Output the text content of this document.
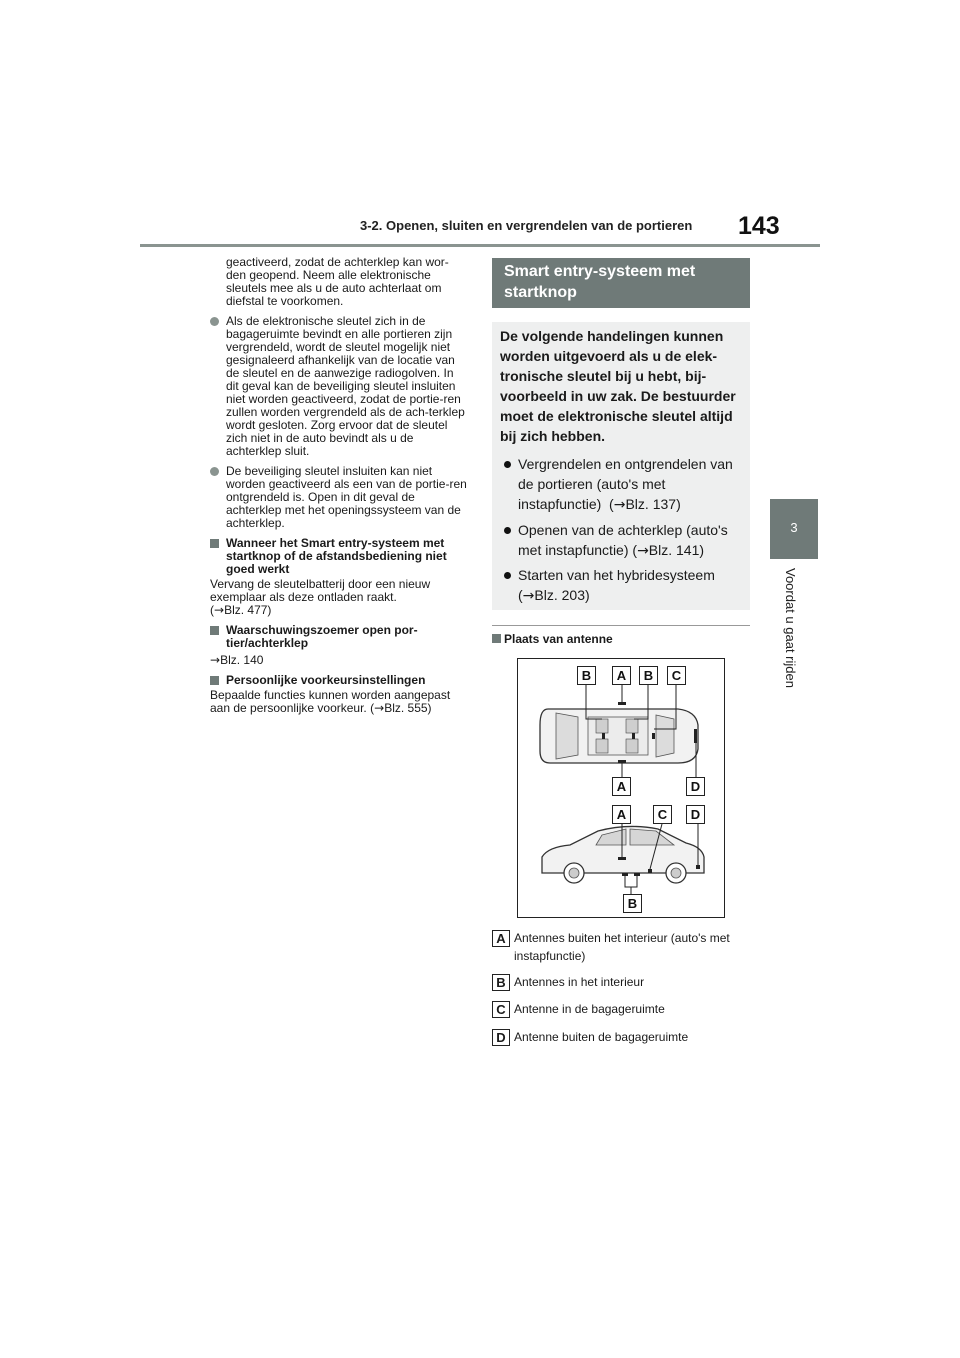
3-2. Openen, sluiten en vergrendelen van de portieren 143
3
Voordat u gaat rijden

geactiveerd, zodat de achterklep kan wor-den geopend. Neem alle elektronische sleutels mee als u de auto achterlaat om diefstal te voorkomen.

Als de elektronische sleutel zich in de bagageruimte bevindt en alle portieren zijn vergrendeld, wordt de sleutel mogelijk niet gesignaleerd afhankelijk van de locatie van de sleutel en de aanwezige radiogolven. In dit geval kan de beveiliging sleutel insluiten niet worden geactiveerd, zodat de portie-ren zullen worden vergrendeld als de ach-terklep wordt gesloten. Zorg ervoor dat de sleutel zich niet in de auto bevindt als u de achterklep sluit.

De beveiliging sleutel insluiten kan niet worden geactiveerd als een van de portie-ren ontgrendeld is. Open in dit geval de achterklep met het openingssysteem van de achterklep.

Wanneer het Smart entry-systeem met startknop of de afstandsbediening niet goed werkt

Vervang de sleutelbatterij door een nieuw exemplaar als deze ontladen raakt.
(→Blz. 477)

Waarschuwingszoemer open por-tier/achterklep

→Blz. 140

Persoonlijke voorkeursinstellingen

Bepaalde functies kunnen worden aangepast aan de persoonlijke voorkeur. (→Blz. 555)

Smart entry-systeem met startknop
De volgende handelingen kunnen worden uitgevoerd als u de elek-tronische sleutel bij u hebt, bij-voorbeeld in uw zak. De bestuurder moet de elektronische sleutel altijd bij zich hebben.
Vergrendelen en ontgrendelen van de portieren (auto's met instapfunctie)  (→Blz. 137)
Openen van de achterklep (auto's met instapfunctie) (→Blz. 141)
Starten van het hybridesysteem
(→Blz. 203)
Plaats van antenne
B	A	B	C
A	D
A	C	D
B
A Antennes buiten het interieur (auto's met instapfunctie)
B Antennes in het interieur
C Antenne in de bagageruimte
D Antenne buiten de bagageruimte
